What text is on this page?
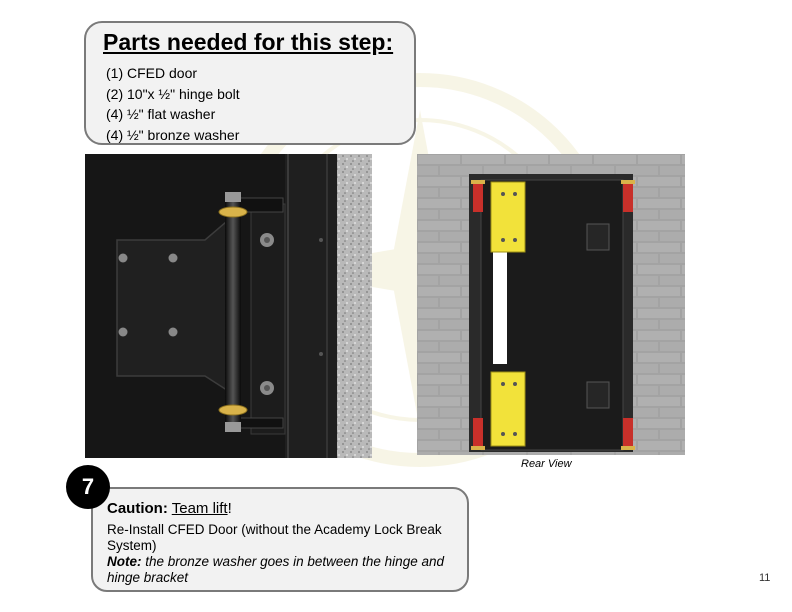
Parts needed for this step:
(1) CFED door
(2) 10"x ½" hinge bolt
(4) ½" flat washer
(4) ½" bronze washer
Rear View
7
Caution: Team lift!
Re-Install CFED Door (without the Academy Lock Break System)
Note: the bronze washer goes in between the hinge and hinge bracket	11
